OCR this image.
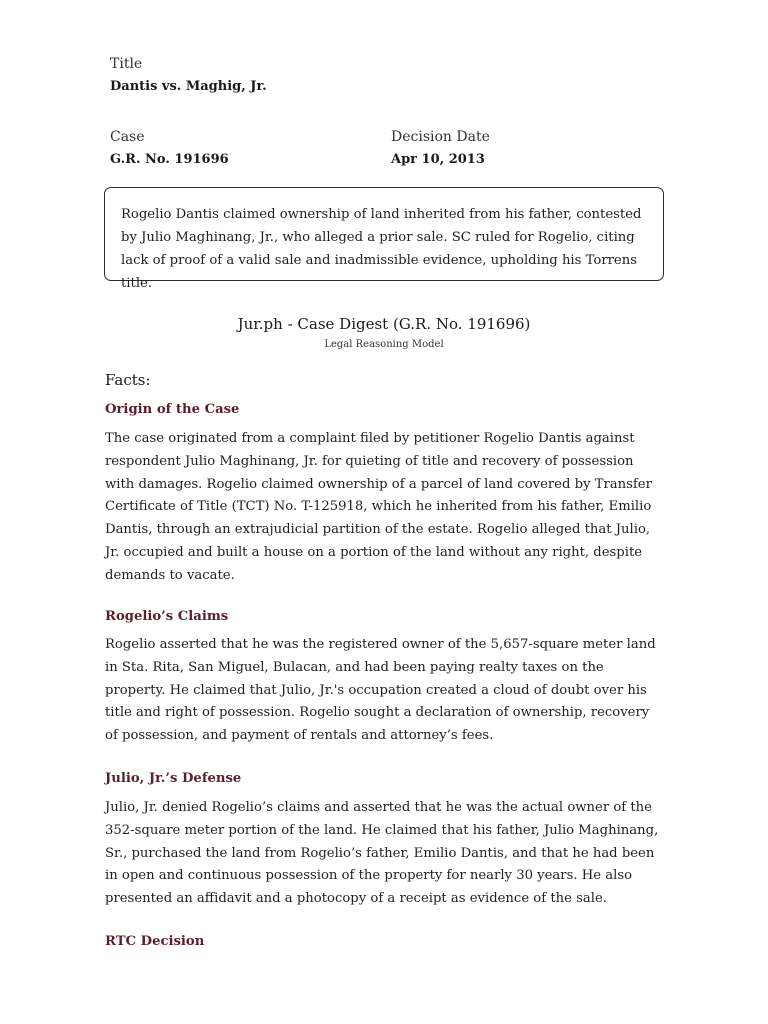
Title
Dantis vs. Maghig, Jr.
Case
G.R. No. 191696
Decision Date
Apr 10, 2013
Rogelio Dantis claimed ownership of land inherited from his father, contested by Julio Maghinang, Jr., who alleged a prior sale. SC ruled for Rogelio, citing lack of proof of a valid sale and inadmissible evidence, upholding his Torrens title.
Jur.ph - Case Digest (G.R. No. 191696)
Legal Reasoning Model
Facts:
Origin of the Case
The case originated from a complaint filed by petitioner Rogelio Dantis against respondent Julio Maghinang, Jr. for quieting of title and recovery of possession with damages. Rogelio claimed ownership of a parcel of land covered by Transfer Certificate of Title (TCT) No. T-125918, which he inherited from his father, Emilio Dantis, through an extrajudicial partition of the estate. Rogelio alleged that Julio, Jr. occupied and built a house on a portion of the land without any right, despite demands to vacate.
Rogelio’s Claims
Rogelio asserted that he was the registered owner of the 5,657-square meter land in Sta. Rita, San Miguel, Bulacan, and had been paying realty taxes on the property. He claimed that Julio, Jr.'s occupation created a cloud of doubt over his title and right of possession. Rogelio sought a declaration of ownership, recovery of possession, and payment of rentals and attorney’s fees.
Julio, Jr.’s Defense
Julio, Jr. denied Rogelio’s claims and asserted that he was the actual owner of the 352-square meter portion of the land. He claimed that his father, Julio Maghinang, Sr., purchased the land from Rogelio’s father, Emilio Dantis, and that he had been in open and continuous possession of the property for nearly 30 years. He also presented an affidavit and a photocopy of a receipt as evidence of the sale.
RTC Decision
